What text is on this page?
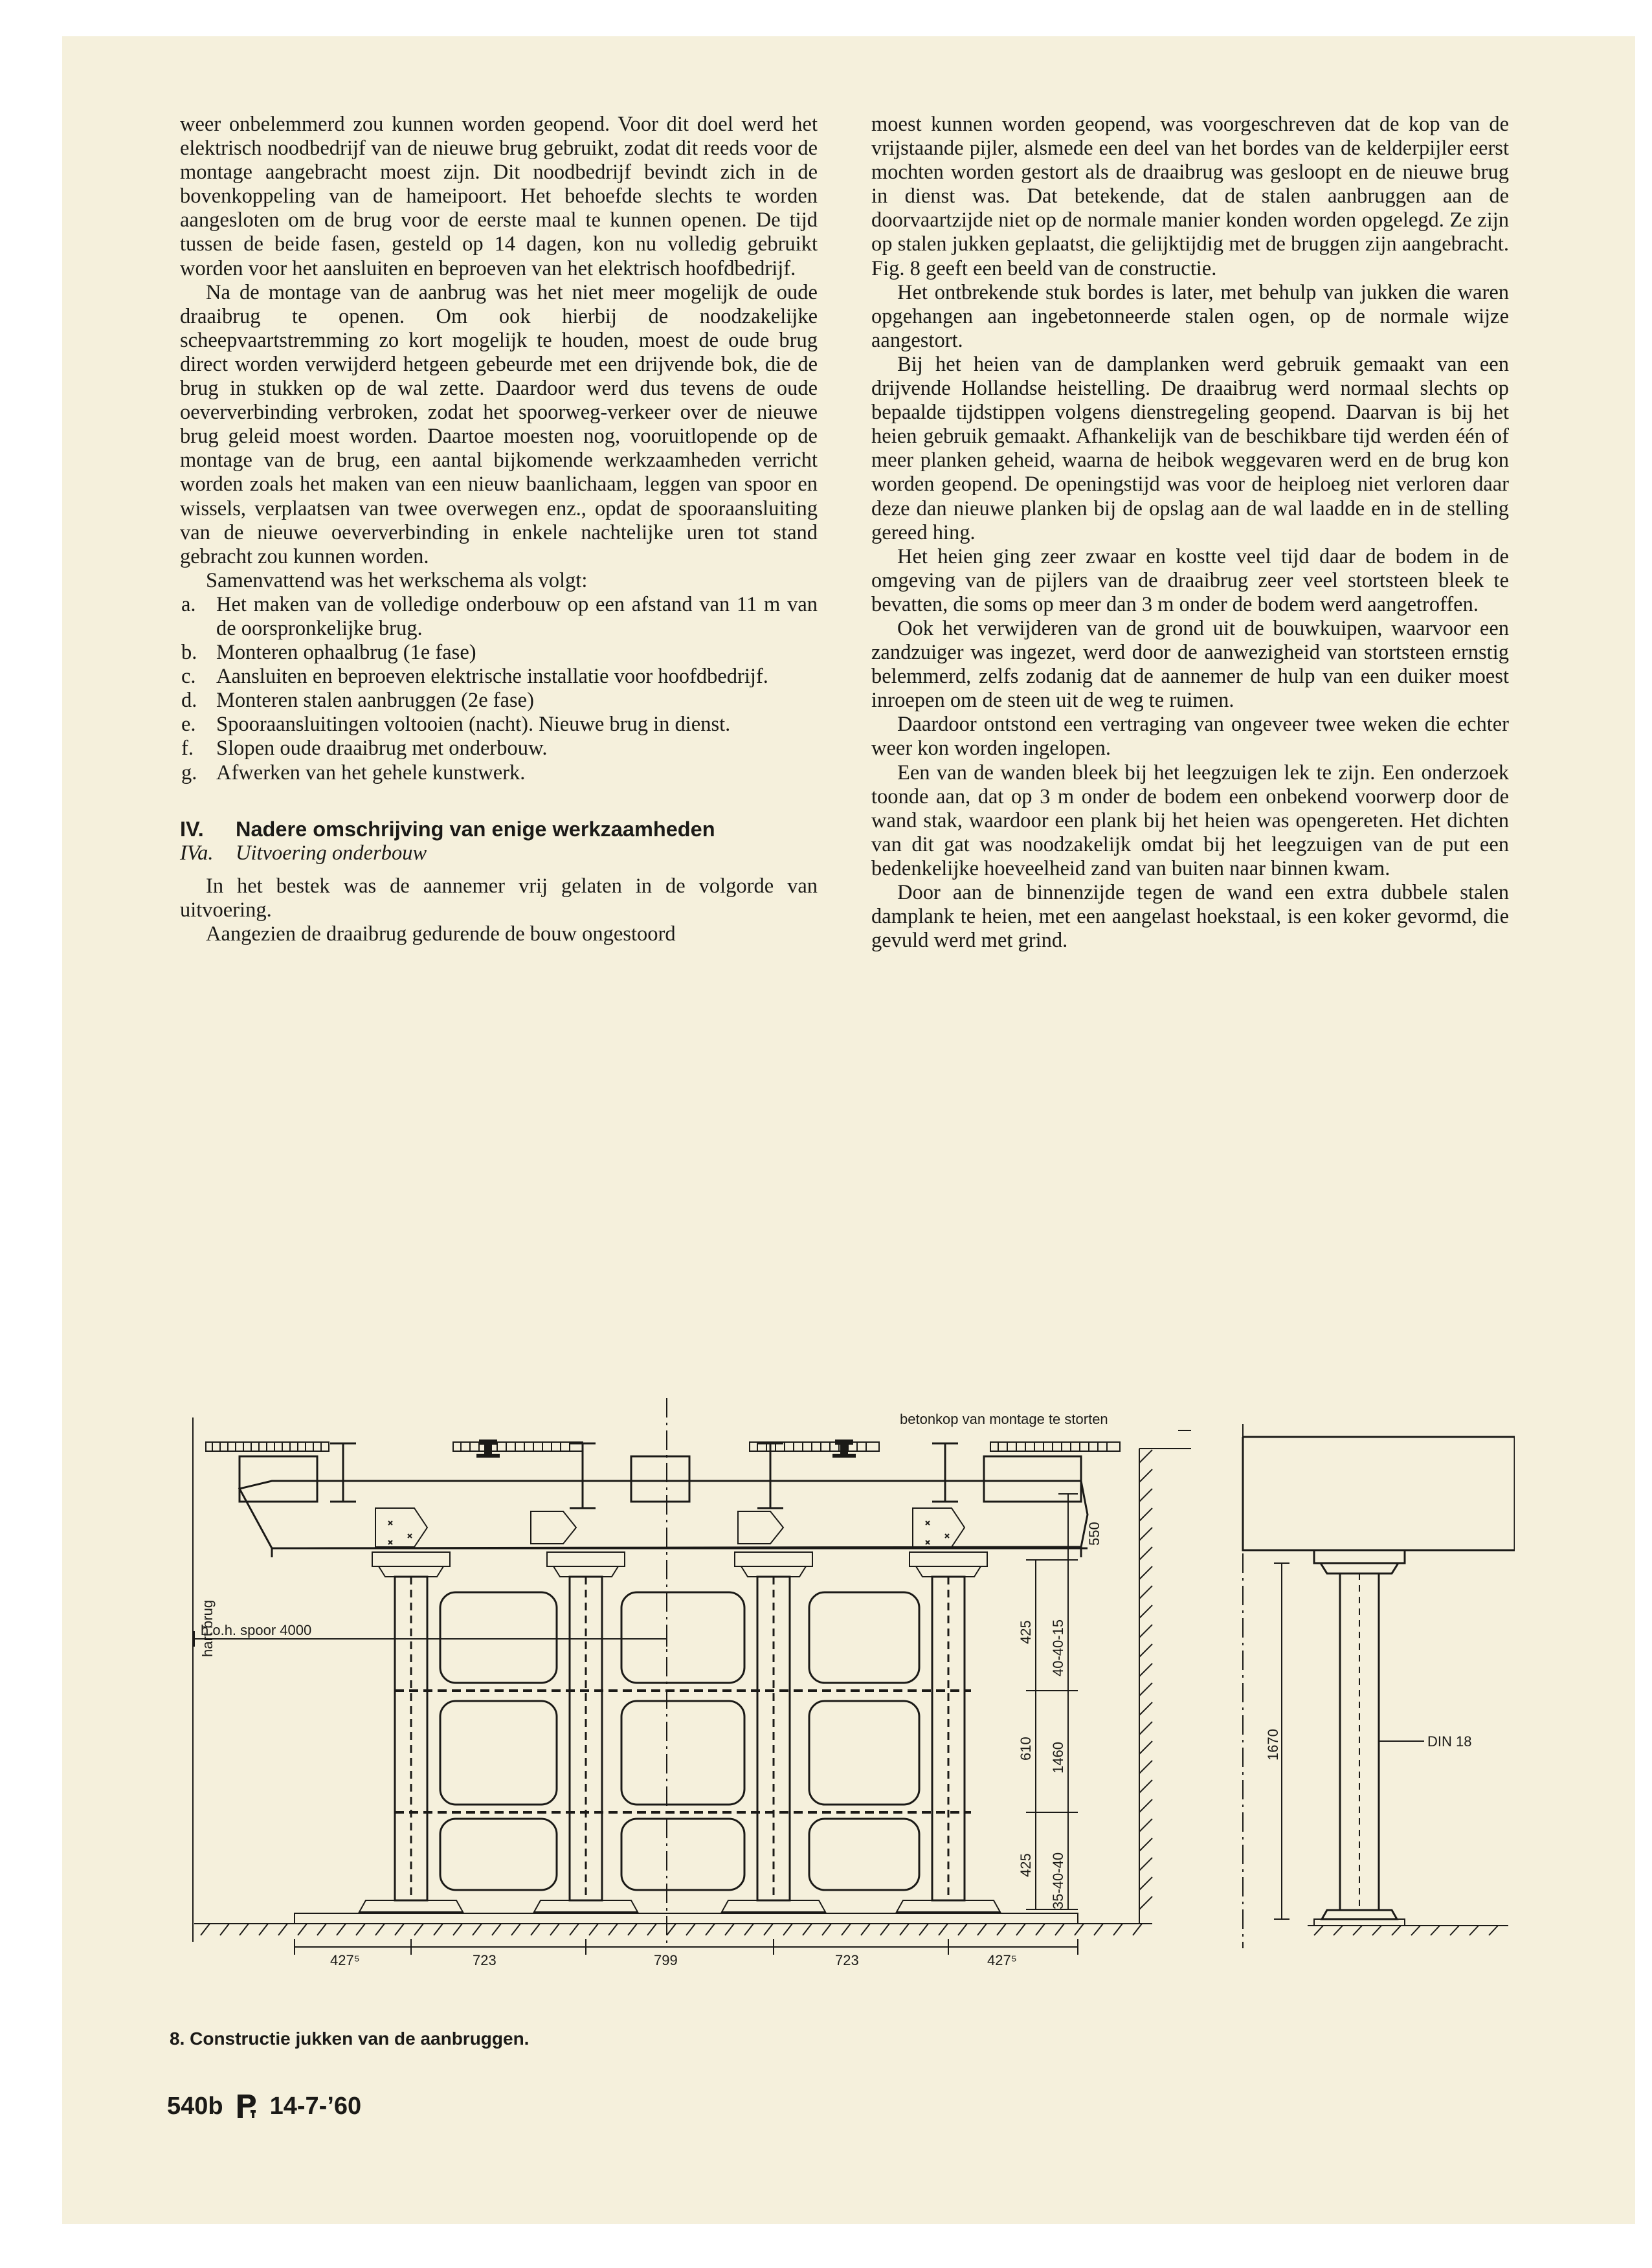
weer onbelemmerd zou kunnen worden geopend. Voor dit doel werd het elektrisch noodbedrijf van de nieuwe brug gebruikt, zodat dit reeds voor de montage aangebracht moest zijn. Dit noodbedrijf bevindt zich in de bovenkoppeling van de hameipoort. Het behoefde slechts te worden aangesloten om de brug voor de eerste maal te kunnen openen. De tijd tussen de beide fasen, gesteld op 14 dagen, kon nu volledig gebruikt worden voor het aansluiten en beproeven van het elektrisch hoofdbedrijf.

Na de montage van de aanbrug was het niet meer mogelijk de oude draaibrug te openen. Om ook hierbij de noodzakelijke scheepvaartstremming zo kort mogelijk te houden, moest de oude brug direct worden verwijderd hetgeen gebeurde met een drijvende bok, die de brug in stukken op de wal zette. Daardoor werd dus tevens de oude oeververbinding verbroken, zodat het spoorweg-verkeer over de nieuwe brug geleid moest worden. Daartoe moesten nog, vooruitlopende op de montage van de brug, een aantal bijkomende werkzaamheden verricht worden zoals het maken van een nieuw baanlichaam, leggen van spoor en wissels, verplaatsen van twee overwegen enz., opdat de spooraansluiting van de nieuwe oeververbinding in enkele nachtelijke uren tot stand gebracht zou kunnen worden.

Samenvattend was het werkschema als volgt:

a. Het maken van de volledige onderbouw op een afstand van 11 m van de oorspronkelijke brug.
b. Monteren ophaalbrug (1e fase)
c. Aansluiten en beproeven elektrische installatie voor hoofdbedrijf.
d. Monteren stalen aanbruggen (2e fase)
e. Spooraansluitingen voltooien (nacht). Nieuwe brug in dienst.
f. Slopen oude draaibrug met onderbouw.
g. Afwerken van het gehele kunstwerk.

IV. Nadere omschrijving van enige werkzaamheden

IVa. Uitvoering onderbouw

In het bestek was de aannemer vrij gelaten in de volgorde van uitvoering.

Aangezien de draaibrug gedurende de bouw ongestoord

moest kunnen worden geopend, was voorgeschreven dat de kop van de vrijstaande pijler, alsmede een deel van het bordes van de kelderpijler eerst mochten worden gestort als de draaibrug was gesloopt en de nieuwe brug in dienst was. Dat betekende, dat de stalen aanbruggen aan de doorvaartzijde niet op de normale manier konden worden opgelegd. Ze zijn op stalen jukken geplaatst, die gelijktijdig met de bruggen zijn aangebracht. Fig. 8 geeft een beeld van de constructie.

Het ontbrekende stuk bordes is later, met behulp van jukken die waren opgehangen aan ingebetonneerde stalen ogen, op de normale wijze aangestort.

Bij het heien van de damplanken werd gebruik gemaakt van een drijvende Hollandse heistelling. De draaibrug werd normaal slechts op bepaalde tijdstippen volgens dienstregeling geopend. Daarvan is bij het heien gebruik gemaakt. Afhankelijk van de beschikbare tijd werden één of meer planken geheid, waarna de heibok weggevaren werd en de brug kon worden geopend. De openingstijd was voor de heiploeg niet verloren daar deze dan nieuwe planken bij de opslag aan de wal laadde en in de stelling gereed hing.

Het heien ging zeer zwaar en kostte veel tijd daar de bodem in de omgeving van de pijlers van de draaibrug zeer veel stortsteen bleek te bevatten, die soms op meer dan 3 m onder de bodem werd aangetroffen.

Ook het verwijderen van de grond uit de bouwkuipen, waarvoor een zandzuiger was ingezet, werd door de aanwezigheid van stortsteen ernstig belemmerd, zelfs zodanig dat de aannemer de hulp van een duiker moest inroepen om de steen uit de weg te ruimen.

Daardoor ontstond een vertraging van ongeveer twee weken die echter weer kon worden ingelopen.

Een van de wanden bleek bij het leegzuigen lek te zijn. Een onderzoek toonde aan, dat op 3 m onder de bodem een onbekend voorwerp door de wand stak, waardoor een plank bij het heien was opengereten. Het dichten van dit gat was noodzakelijk omdat bij het leegzuigen van de put een bedenkelijke hoeveelheid zand van buiten naar binnen kwam.

Door aan de binnenzijde tegen de wand een extra dubbele stalen damplank te heien, met een aangelast hoekstaal, is een koker gevormd, die gevuld werd met grind.

betonkop van montage te storten
hart brug
h.o.h. spoor 4000
DIN 18
550
425
610
425
40-40-15
1460
35-40-40
1670
427⁵	723	799	723	427⁵
8. Constructie jukken van de aanbruggen.
540b 14-7-’60
